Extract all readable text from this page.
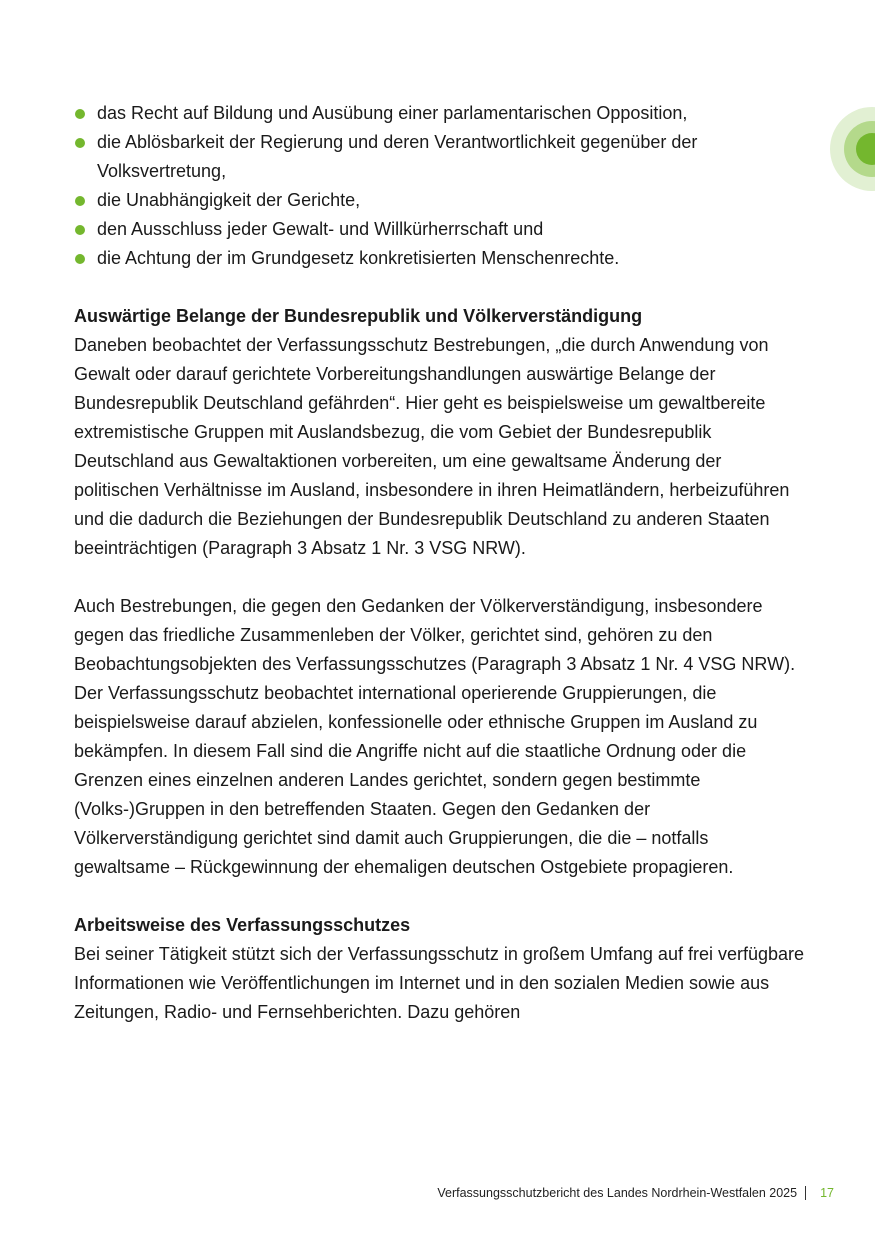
das Recht auf Bildung und Ausübung einer parlamentarischen Opposition,
die Ablösbarkeit der Regierung und deren Verantwortlichkeit gegenüber der Volksvertretung,
die Unabhängigkeit der Gerichte,
den Ausschluss jeder Gewalt- und Willkürherrschaft und
die Achtung der im Grundgesetz konkretisierten Menschenrechte.
Auswärtige Belange der Bundesrepublik und Völkerverständigung

Daneben beobachtet der Verfassungsschutz Bestrebungen, „die durch Anwendung von Gewalt oder darauf gerichtete Vorbereitungshandlungen auswärtige Belange der Bundesrepublik Deutschland gefährden“. Hier geht es beispielsweise um gewaltbereite extremistische Gruppen mit Auslandsbezug, die vom Gebiet der Bundesrepublik Deutschland aus Gewaltaktionen vorbereiten, um eine gewaltsame Änderung der politischen Verhältnisse im Ausland, insbesondere in ihren Heimatländern, herbeizuführen und die dadurch die Beziehungen der Bundesrepublik Deutschland zu anderen Staaten beeinträchtigen (Paragraph 3 Absatz 1 Nr. 3 VSG NRW).

Auch Bestrebungen, die gegen den Gedanken der Völkerverständigung, insbesondere gegen das friedliche Zusammenleben der Völker, gerichtet sind, gehören zu den Beobachtungsobjekten des Verfassungsschutzes (Paragraph 3 Absatz 1 Nr. 4 VSG NRW). Der Verfassungsschutz beobachtet international operierende Gruppierungen, die beispielsweise darauf abzielen, konfessionelle oder ethnische Gruppen im Ausland zu bekämpfen. In diesem Fall sind die Angriffe nicht auf die staatliche Ordnung oder die Grenzen eines einzelnen anderen Landes gerichtet, sondern gegen bestimmte (Volks-)Gruppen in den betreffenden Staaten. Gegen den Gedanken der Völkerverständigung gerichtet sind damit auch Gruppierungen, die die – notfalls gewaltsame – Rückgewinnung der ehemaligen deutschen Ostgebiete propagieren.

Arbeitsweise des Verfassungsschutzes

Bei seiner Tätigkeit stützt sich der Verfassungsschutz in großem Umfang auf frei verfügbare Informationen wie Veröffentlichungen im Internet und in den sozialen Medien sowie aus Zeitungen, Radio- und Fernsehberichten. Dazu gehören

Verfassungsschutzbericht des Landes Nordrhein-Westfalen 2025 17
